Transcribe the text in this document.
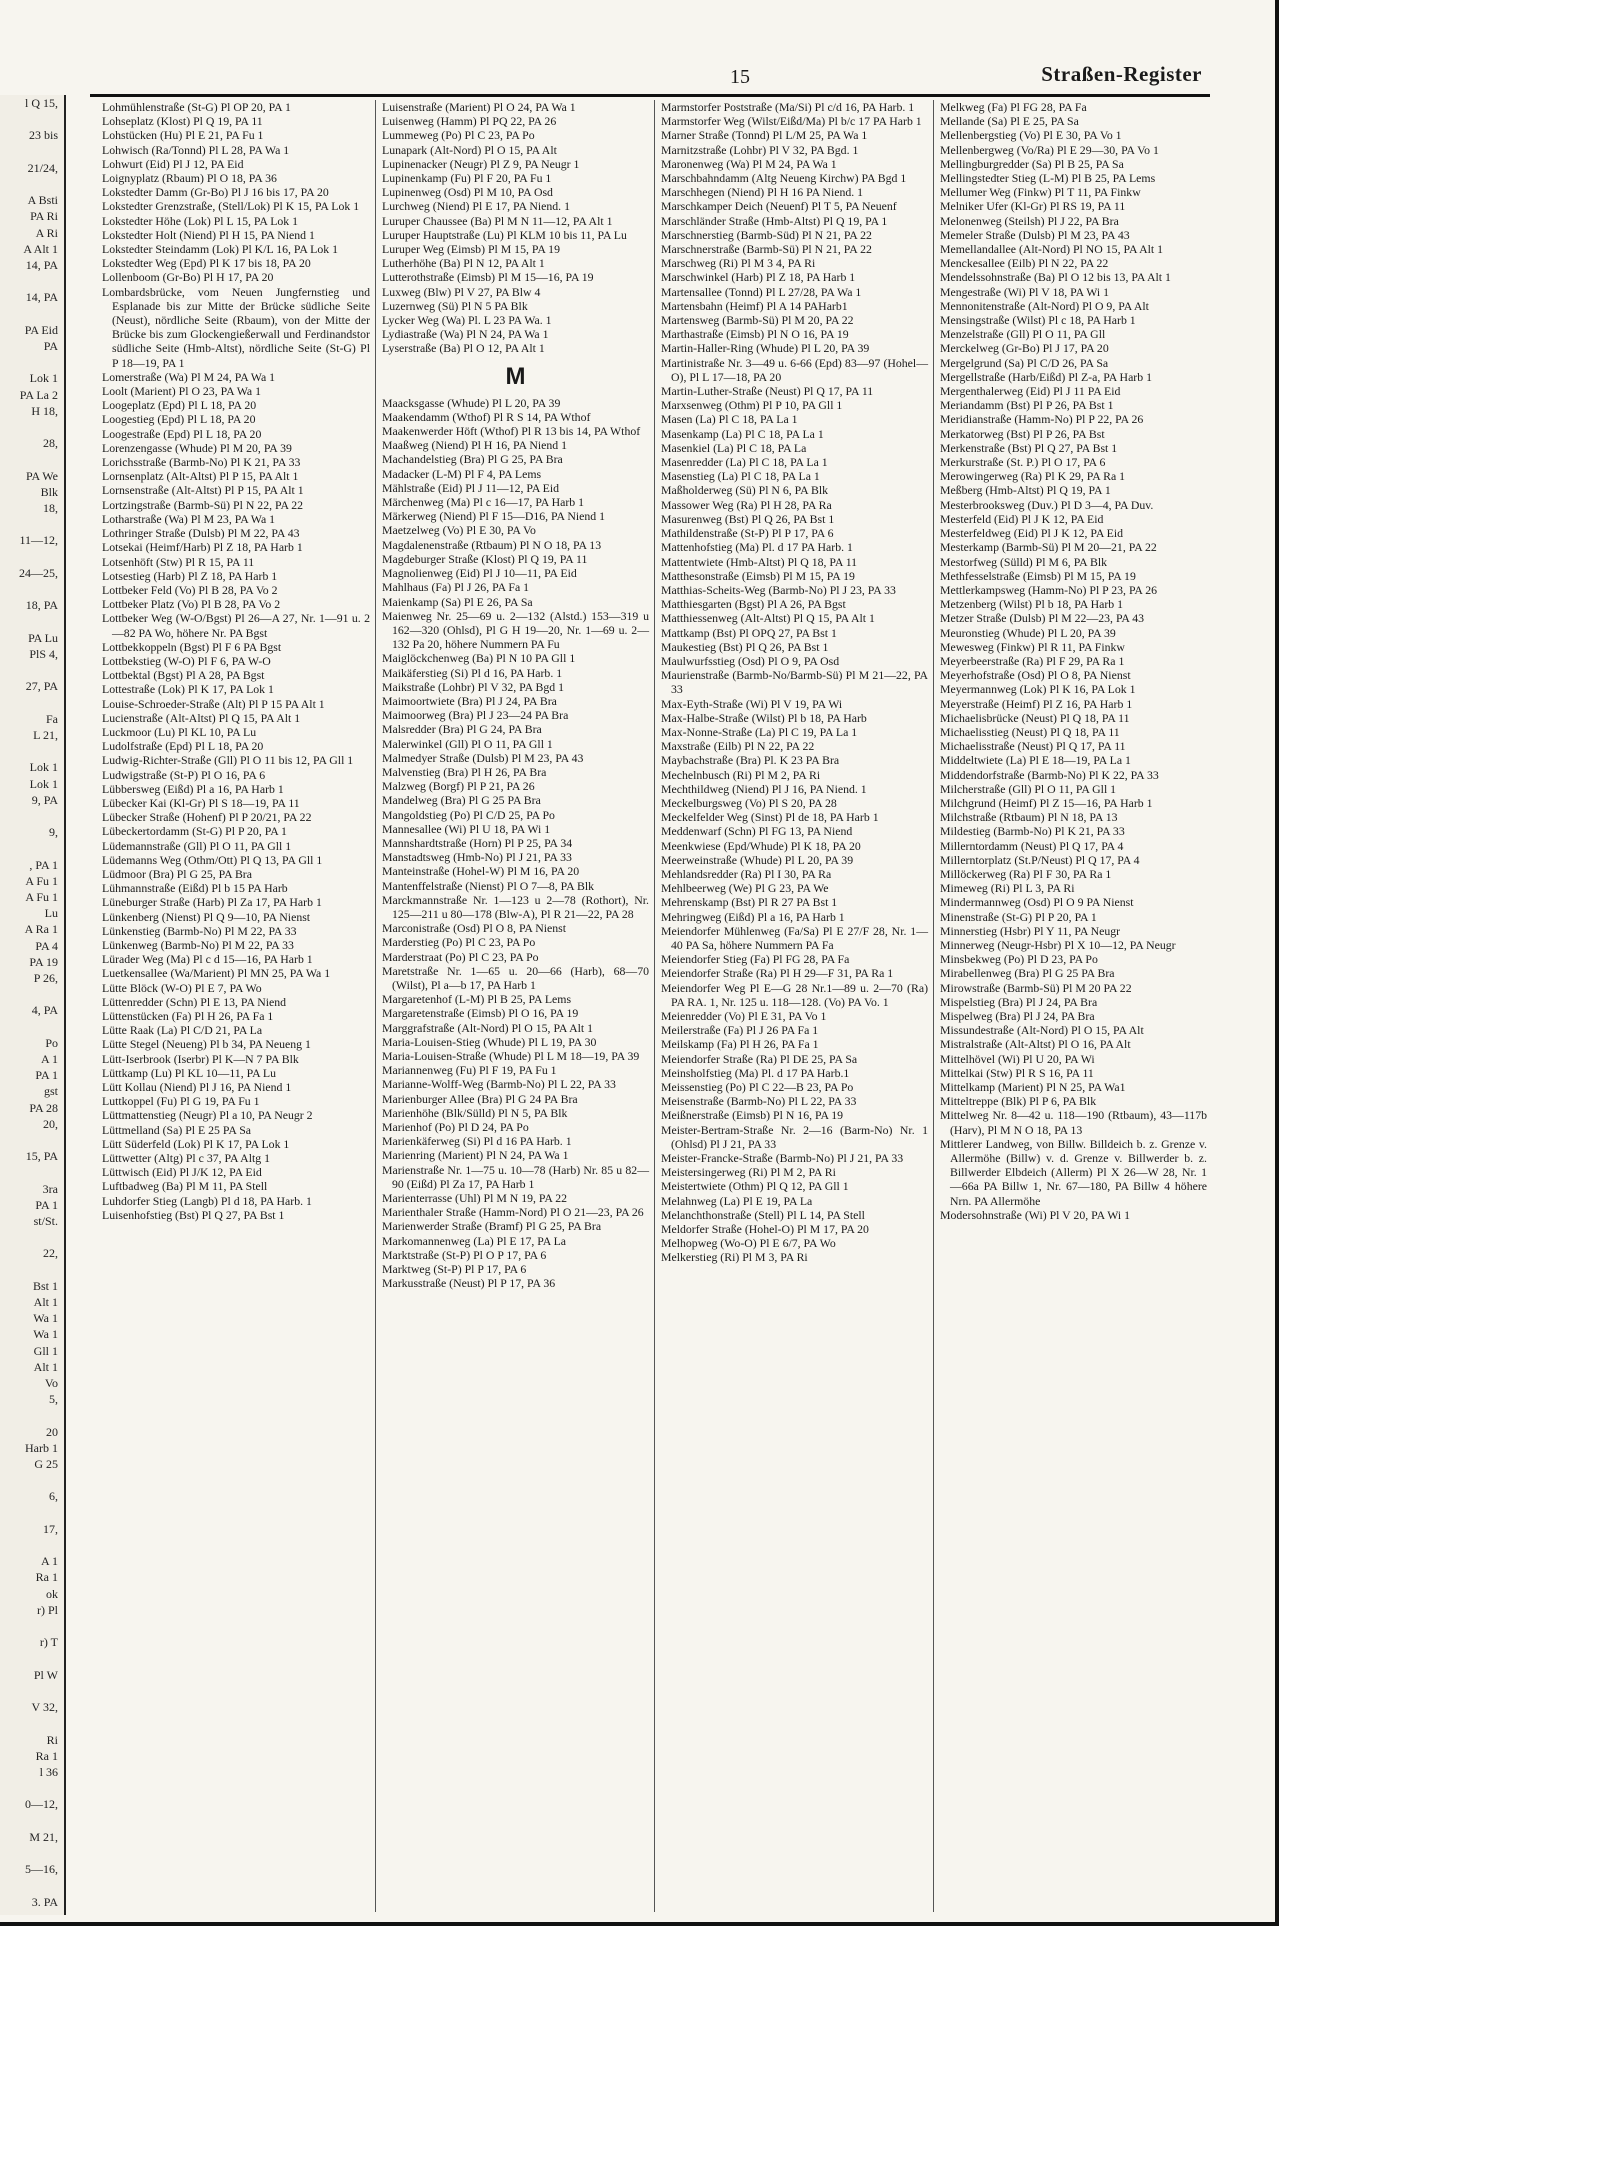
l Q 15,

23 bis

21/24,

A Bsti
PA Ri
A Ri
A Alt 1
14, PA

14, PA

PA Eid
PA

Lok 1
PA La 2
H 18,

28,

PA We
Blk
18,

11—12,

24—25,

18, PA

PA Lu
PlS 4,

27, PA

Fa
L 21,

Lok 1
Lok 1
9, PA

9,

, PA 1
A Fu 1
A Fu 1
Lu
A Ra 1
PA 4
PA 19
P 26,

4, PA

Po
A 1
PA 1
gst
PA 28
20,

15, PA

3ra
PA 1
st/St.

22,

Bst 1
Alt 1
Wa 1
Wa 1
Gll 1
Alt 1
Vo
5,

20
Harb 1
G 25

6,

17,

A 1
Ra 1
ok
r) Pl

r) T

Pl W

V 32,

Ri
Ra 1
l 36

0—12,

M 21,

5—16,

3. PA
15	Straßen-Register

Lohmühlenstraße (St-G) Pl OP 20, PA 1

Lohseplatz (Klost) Pl Q 19, PA 11

Lohstücken (Hu) Pl E 21, PA Fu 1

Lohwisch (Ra/Tonnd) Pl L 28, PA Wa 1

Lohwurt (Eid) Pl J 12, PA Eid

Loignyplatz (Rbaum) Pl O 18, PA 36

Lokstedter Damm (Gr-Bo) Pl J 16 bis 17, PA 20

Lokstedter Grenzstraße, (Stell/Lok) Pl K 15, PA Lok 1

Lokstedter Höhe (Lok) Pl L 15, PA Lok 1

Lokstedter Holt (Niend) Pl H 15, PA Niend 1

Lokstedter Steindamm (Lok) Pl K/L 16, PA Lok 1

Lokstedter Weg (Epd) Pl K 17 bis 18, PA 20

Lollenboom (Gr-Bo) Pl H 17, PA 20

Lombardsbrücke, vom Neuen Jungfernstieg und Esplanade bis zur Mitte der Brücke südliche Seite (Neust), nördliche Seite (Rbaum), von der Mitte der Brücke bis zum Glockengießerwall und Ferdinandstor südliche Seite (Hmb-Altst), nördliche Seite (St-G) Pl P 18—19, PA 1

Lomerstraße (Wa) Pl M 24, PA Wa 1

Loolt (Marient) Pl O 23, PA Wa 1

Loogeplatz (Epd) Pl L 18, PA 20

Loogestieg (Epd) Pl L 18, PA 20

Loogestraße (Epd) Pl L 18, PA 20

Lorenzengasse (Whude) Pl M 20, PA 39

Lorichsstraße (Barmb-No) Pl K 21, PA 33

Lornsenplatz (Alt-Altst) Pl P 15, PA Alt 1

Lornsenstraße (Alt-Altst) Pl P 15, PA Alt 1

Lortzingstraße (Barmb-Sü) Pl N 22, PA 22

Lotharstraße (Wa) Pl M 23, PA Wa 1

Lothringer Straße (Dulsb) Pl M 22, PA 43

Lotsekai (Heimf/Harb) Pl Z 18, PA Harb 1

Lotsenhöft (Stw) Pl R 15, PA 11

Lotsestieg (Harb) Pl Z 18, PA Harb 1

Lottbeker Feld (Vo) Pl B 28, PA Vo 2

Lottbeker Platz (Vo) Pl B 28, PA Vo 2

Lottbeker Weg (W-O/Bgst) Pl 26—A 27, Nr. 1—91 u. 2—82 PA Wo, höhere Nr. PA Bgst

Lottbekkoppeln (Bgst) Pl F 6 PA Bgst

Lottbekstieg (W-O) Pl F 6, PA W-O

Lottbektal (Bgst) Pl A 28, PA Bgst

Lottestraße (Lok) Pl K 17, PA Lok 1

Louise-Schroeder-Straße (Alt) Pl P 15 PA Alt 1

Lucienstraße (Alt-Altst) Pl Q 15, PA Alt 1

Luckmoor (Lu) Pl KL 10, PA Lu

Ludolfstraße (Epd) Pl L 18, PA 20

Ludwig-Richter-Straße (Gll) Pl O 11 bis 12, PA Gll 1

Ludwigstraße (St-P) Pl O 16, PA 6

Lübbersweg (Eißd) Pl a 16, PA Harb 1

Lübecker Kai (Kl-Gr) Pl S 18—19, PA 11

Lübecker Straße (Hohenf) Pl P 20/21, PA 22

Lübeckertordamm (St-G) Pl P 20, PA 1

Lüdemannstraße (Gll) Pl O 11, PA Gll 1

Lüdemanns Weg (Othm/Ott) Pl Q 13, PA Gll 1

Lüdmoor (Bra) Pl G 25, PA Bra

Lühmannstraße (Eißd) Pl b 15 PA Harb

Lüneburger Straße (Harb) Pl Za 17, PA Harb 1

Lünkenberg (Nienst) Pl Q 9—10, PA Nienst

Lünkenstieg (Barmb-No) Pl M 22, PA 33

Lünkenweg (Barmb-No) Pl M 22, PA 33

Lürader Weg (Ma) Pl c d 15—16, PA Harb 1

Luetkensallee (Wa/Marient) Pl MN 25, PA Wa 1

Lütte Blöck (W-O) Pl E 7, PA Wo

Lüttenredder (Schn) Pl E 13, PA Niend

Lüttenstücken (Fa) Pl H 26, PA Fa 1

Lütte Raak (La) Pl C/D 21, PA La

Lütte Stegel (Neueng) Pl b 34, PA Neueng 1

Lütt-Iserbrook (Iserbr) Pl K—N 7 PA Blk

Lüttkamp (Lu) Pl KL 10—11, PA Lu

Lütt Kollau (Niend) Pl J 16, PA Niend 1

Luttkoppel (Fu) Pl G 19, PA Fu 1

Lüttmattenstieg (Neugr) Pl a 10, PA Neugr 2

Lüttmelland (Sa) Pl E 25 PA Sa

Lütt Süderfeld (Lok) Pl K 17, PA Lok 1

Lüttwetter (Altg) Pl c 37, PA Altg 1

Lüttwisch (Eid) Pl J/K 12, PA Eid

Luftbadweg (Ba) Pl M 11, PA Stell

Luhdorfer Stieg (Langb) Pl d 18, PA Harb. 1

Luisenhofstieg (Bst) Pl Q 27, PA Bst 1

Luisenstraße (Marient) Pl O 24, PA Wa 1

Luisenweg (Hamm) Pl PQ 22, PA 26

Lummeweg (Po) Pl C 23, PA Po

Lunapark (Alt-Nord) Pl O 15, PA Alt

Lupinenacker (Neugr) Pl Z 9, PA Neugr 1

Lupinenkamp (Fu) Pl F 20, PA Fu 1

Lupinenweg (Osd) Pl M 10, PA Osd

Lurchweg (Niend) Pl E 17, PA Niend. 1

Luruper Chaussee (Ba) Pl M N 11—12, PA Alt 1

Luruper Hauptstraße (Lu) Pl KLM 10 bis 11, PA Lu

Luruper Weg (Eimsb) Pl M 15, PA 19

Lutherhöhe (Ba) Pl N 12, PA Alt 1

Lutterothstraße (Eimsb) Pl M 15—16, PA 19

Luxweg (Blw) Pl V 27, PA Blw 4

Luzernweg (Sü) Pl N 5 PA Blk

Lycker Weg (Wa) Pl. L 23 PA Wa. 1

Lydiastraße (Wa) Pl N 24, PA Wa 1

Lyserstraße (Ba) Pl O 12, PA Alt 1

M

Maacksgasse (Whude) Pl L 20, PA 39

Maakendamm (Wthof) Pl R S 14, PA Wthof

Maakenwerder Höft (Wthof) Pl R 13 bis 14, PA Wthof

Maaßweg (Niend) Pl H 16, PA Niend 1

Machandelstieg (Bra) Pl G 25, PA Bra

Madacker (L-M) Pl F 4, PA Lems

Mählstraße (Eid) Pl J 11—12, PA Eid

Märchenweg (Ma) Pl c 16—17, PA Harb 1

Märkerweg (Niend) Pl F 15—D16, PA Niend 1

Maetzelweg (Vo) Pl E 30, PA Vo

Magdalenenstraße (Rtbaum) Pl N O 18, PA 13

Magdeburger Straße (Klost) Pl Q 19, PA 11

Magnolienweg (Eid) Pl J 10—11, PA Eid

Mahlhaus (Fa) Pl J 26, PA Fa 1

Maienkamp (Sa) Pl E 26, PA Sa

Maienweg Nr. 25—69 u. 2—132 (Alstd.) 153—319 u 162—320 (Ohlsd), Pl G H 19—20, Nr. 1—69 u. 2—132 Pa 20, höhere Nummern PA Fu

Maiglöckchenweg (Ba) Pl N 10 PA Gll 1

Maikäferstieg (Si) Pl d 16, PA Harb. 1

Maikstraße (Lohbr) Pl V 32, PA Bgd 1

Maimoortwiete (Bra) Pl J 24, PA Bra

Maimoorweg (Bra) Pl J 23—24 PA Bra

Malsredder (Bra) Pl G 24, PA Bra

Malerwinkel (Gll) Pl O 11, PA Gll 1

Malmedyer Straße (Dulsb) Pl M 23, PA 43

Malvenstieg (Bra) Pl H 26, PA Bra

Malzweg (Borgf) Pl P 21, PA 26

Mandelweg (Bra) Pl G 25 PA Bra

Mangoldstieg (Po) Pl C/D 25, PA Po

Mannesallee (Wi) Pl U 18, PA Wi 1

Mannshardtstraße (Horn) Pl P 25, PA 34

Manstadtsweg (Hmb-No) Pl J 21, PA 33

Manteinstraße (Hohel-W) Pl M 16, PA 20

Mantenffelstraße (Nienst) Pl O 7—8, PA Blk

Marckmannstraße Nr. 1—123 u 2—78 (Rothort), Nr. 125—211 u 80—178 (Blw-A), Pl R 21—22, PA 28

Marconistraße (Osd) Pl O 8, PA Nienst

Marderstieg (Po) Pl C 23, PA Po

Marderstraat (Po) Pl C 23, PA Po

Maretstraße Nr. 1—65 u. 20—66 (Harb), 68—70 (Wilst), Pl a—b 17, PA Harb 1

Margaretenhof (L-M) Pl B 25, PA Lems

Margaretenstraße (Eimsb) Pl O 16, PA 19

Marggrafstraße (Alt-Nord) Pl O 15, PA Alt 1

Maria-Louisen-Stieg (Whude) Pl L 19, PA 30

Maria-Louisen-Straße (Whude) Pl L M 18—19, PA 39

Mariannenweg (Fu) Pl F 19, PA Fu 1

Marianne-Wolff-Weg (Barmb-No) Pl L 22, PA 33

Marienburger Allee (Bra) Pl G 24 PA Bra

Marienhöhe (Blk/Sülld) Pl N 5, PA Blk

Marienhof (Po) Pl D 24, PA Po

Marienkäferweg (Si) Pl d 16 PA Harb. 1

Marienring (Marient) Pl N 24, PA Wa 1

Marienstraße Nr. 1—75 u. 10—78 (Harb) Nr. 85 u 82—90 (Eißd) Pl Za 17, PA Harb 1

Marienterrasse (Uhl) Pl M N 19, PA 22

Marienthaler Straße (Hamm-Nord) Pl O 21—23, PA 26

Marienwerder Straße (Bramf) Pl G 25, PA Bra

Markomannenweg (La) Pl E 17, PA La

Marktstraße (St-P) Pl O P 17, PA 6

Marktweg (St-P) Pl P 17, PA 6

Markusstraße (Neust) Pl P 17, PA 36

Marmstorfer Poststraße (Ma/Si) Pl c/d 16, PA Harb. 1

Marmstorfer Weg (Wilst/Eißd/Ma) Pl b/c 17 PA Harb 1

Marner Straße (Tonnd) Pl L/M 25, PA Wa 1

Marnitzstraße (Lohbr) Pl V 32, PA Bgd. 1

Maronenweg (Wa) Pl M 24, PA Wa 1

Marschbahndamm (Altg Neueng Kirchw) PA Bgd 1

Marschhegen (Niend) Pl H 16 PA Niend. 1

Marschkamper Deich (Neuenf) Pl T 5, PA Neuenf

Marschländer Straße (Hmb-Altst) Pl Q 19, PA 1

Marschnerstieg (Barmb-Süd) Pl N 21, PA 22

Marschnerstraße (Barmb-Sü) Pl N 21, PA 22

Marschweg (Ri) Pl M 3 4, PA Ri

Marschwinkel (Harb) Pl Z 18, PA Harb 1

Martensallee (Tonnd) Pl L 27/28, PA Wa 1

Martensbahn (Heimf) Pl A 14 PAHarb1

Martensweg (Barmb-Sü) Pl M 20, PA 22

Marthastraße (Eimsb) Pl N O 16, PA 19

Martin-Haller-Ring (Whude) Pl L 20, PA 39

Martinistraße Nr. 3—49 u. 6-66 (Epd) 83—97 (Hohel—O), Pl L 17—18, PA 20

Martin-Luther-Straße (Neust) Pl Q 17, PA 11

Marxsenweg (Othm) Pl P 10, PA Gll 1

Masen (La) Pl C 18, PA La 1

Masenkamp (La) Pl C 18, PA La 1

Masenkiel (La) Pl C 18, PA La

Masenredder (La) Pl C 18, PA La 1

Masenstieg (La) Pl C 18, PA La 1

Maßholderweg (Sü) Pl N 6, PA Blk

Massower Weg (Ra) Pl H 28, PA Ra

Masurenweg (Bst) Pl Q 26, PA Bst 1

Mathildenstraße (St-P) Pl P 17, PA 6

Mattenhofstieg (Ma) Pl. d 17 PA Harb. 1

Mattentwiete (Hmb-Altst) Pl Q 18, PA 11

Matthesonstraße (Eimsb) Pl M 15, PA 19

Matthias-Scheits-Weg (Barmb-No) Pl J 23, PA 33

Matthiesgarten (Bgst) Pl A 26, PA Bgst

Matthiessenweg (Alt-Altst) Pl Q 15, PA Alt 1

Mattkamp (Bst) Pl OPQ 27, PA Bst 1

Maukestieg (Bst) Pl Q 26, PA Bst 1

Maulwurfsstieg (Osd) Pl O 9, PA Osd

Maurienstraße (Barmb-No/Barmb-Sü) Pl M 21—22, PA 33

Max-Eyth-Straße (Wi) Pl V 19, PA Wi

Max-Halbe-Straße (Wilst) Pl b 18, PA Harb

Max-Nonne-Straße (La) Pl C 19, PA La 1

Maxstraße (Eilb) Pl N 22, PA 22

Maybachstraße (Bra) Pl. K 23 PA Bra

Mechelnbusch (Ri) Pl M 2, PA Ri

Mechthildweg (Niend) Pl J 16, PA Niend. 1

Meckelburgsweg (Vo) Pl S 20, PA 28

Meckelfelder Weg (Sinst) Pl de 18, PA Harb 1

Meddenwarf (Schn) Pl FG 13, PA Niend

Meenkwiese (Epd/Whude) Pl K 18, PA 20

Meerweinstraße (Whude) Pl L 20, PA 39

Mehlandsredder (Ra) Pl I 30, PA Ra

Mehlbeerweg (We) Pl G 23, PA We

Mehrenskamp (Bst) Pl R 27 PA Bst 1

Mehringweg (Eißd) Pl a 16, PA Harb 1

Meiendorfer Mühlenweg (Fa/Sa) Pl E 27/F 28, Nr. 1—40 PA Sa, höhere Nummern PA Fa

Meiendorfer Stieg (Fa) Pl FG 28, PA Fa

Meiendorfer Straße (Ra) Pl H 29—F 31, PA Ra 1

Meiendorfer Weg Pl E—G 28 Nr.1—89 u. 2—70 (Ra) PA RA. 1, Nr. 125 u. 118—128. (Vo) PA Vo. 1

Meienredder (Vo) Pl E 31, PA Vo 1

Meilerstraße (Fa) Pl J 26 PA Fa 1

Meilskamp (Fa) Pl H 26, PA Fa 1

Meiendorfer Straße (Ra) Pl DE 25, PA Sa

Meinsholfstieg (Ma) Pl. d 17 PA Harb.1

Meissenstieg (Po) Pl C 22—B 23, PA Po

Meisenstraße (Barmb-No) Pl L 22, PA 33

Meißnerstraße (Eimsb) Pl N 16, PA 19

Meister-Bertram-Straße Nr. 2—16 (Barm-No) Nr. 1 (Ohlsd) Pl J 21, PA 33

Meister-Francke-Straße (Barmb-No) Pl J 21, PA 33

Meistersingerweg (Ri) Pl M 2, PA Ri

Meistertwiete (Othm) Pl Q 12, PA Gll 1

Melahnweg (La) Pl E 19, PA La

Melanchthonstraße (Stell) Pl L 14, PA Stell

Meldorfer Straße (Hohel-O) Pl M 17, PA 20

Melhopweg (Wo-O) Pl E 6/7, PA Wo

Melkerstieg (Ri) Pl M 3, PA Ri

Melkweg (Fa) Pl FG 28, PA Fa

Mellande (Sa) Pl E 25, PA Sa

Mellenbergstieg (Vo) Pl E 30, PA Vo 1

Mellenbergweg (Vo/Ra) Pl E 29—30, PA Vo 1

Mellingburgredder (Sa) Pl B 25, PA Sa

Mellingstedter Stieg (L-M) Pl B 25, PA Lems

Mellumer Weg (Finkw) Pl T 11, PA Finkw

Melniker Ufer (Kl-Gr) Pl RS 19, PA 11

Melonenweg (Steilsh) Pl J 22, PA Bra

Memeler Straße (Dulsb) Pl M 23, PA 43

Memellandallee (Alt-Nord) Pl NO 15, PA Alt 1

Menckesallee (Eilb) Pl N 22, PA 22

Mendelssohnstraße (Ba) Pl O 12 bis 13, PA Alt 1

Mengestraße (Wi) Pl V 18, PA Wi 1

Mennonitenstraße (Alt-Nord) Pl O 9, PA Alt

Mensingstraße (Wilst) Pl c 18, PA Harb 1

Menzelstraße (Gll) Pl O 11, PA Gll

Merckelweg (Gr-Bo) Pl J 17, PA 20

Mergelgrund (Sa) Pl C/D 26, PA Sa

Mergellstraße (Harb/Eißd) Pl Z-a, PA Harb 1

Mergenthalerweg (Eid) Pl J 11 PA Eid

Meriandamm (Bst) Pl P 26, PA Bst 1

Meridianstraße (Hamm-No) Pl P 22, PA 26

Merkatorweg (Bst) Pl P 26, PA Bst

Merkenstraße (Bst) Pl Q 27, PA Bst 1

Merkurstraße (St. P.) Pl O 17, PA 6

Merowingerweg (Ra) Pl K 29, PA Ra 1

Meßberg (Hmb-Altst) Pl Q 19, PA 1

Mesterbrooksweg (Duv.) Pl D 3—4, PA Duv.

Mesterfeld (Eid) Pl J K 12, PA Eid

Mesterfeldweg (Eid) Pl J K 12, PA Eid

Mesterkamp (Barmb-Sü) Pl M 20—21, PA 22

Mestorfweg (Sülld) Pl M 6, PA Blk

Methfesselstraße (Eimsb) Pl M 15, PA 19

Mettlerkampsweg (Hamm-No) Pl P 23, PA 26

Metzenberg (Wilst) Pl b 18, PA Harb 1

Metzer Straße (Dulsb) Pl M 22—23, PA 43

Meuronstieg (Whude) Pl L 20, PA 39

Mewesweg (Finkw) Pl R 11, PA Finkw

Meyerbeerstraße (Ra) Pl F 29, PA Ra 1

Meyerhofstraße (Osd) Pl O 8, PA Nienst

Meyermannweg (Lok) Pl K 16, PA Lok 1

Meyerstraße (Heimf) Pl Z 16, PA Harb 1

Michaelisbrücke (Neust) Pl Q 18, PA 11

Michaelisstieg (Neust) Pl Q 18, PA 11

Michaelisstraße (Neust) Pl Q 17, PA 11

Middeltwiete (La) Pl E 18—19, PA La 1

Middendorfstraße (Barmb-No) Pl K 22, PA 33

Milcherstraße (Gll) Pl O 11, PA Gll 1

Milchgrund (Heimf) Pl Z 15—16, PA Harb 1

Milchstraße (Rtbaum) Pl N 18, PA 13

Mildestieg (Barmb-No) Pl K 21, PA 33

Millerntordamm (Neust) Pl Q 17, PA 4

Millerntorplatz (St.P/Neust) Pl Q 17, PA 4

Millöckerweg (Ra) Pl F 30, PA Ra 1

Mimeweg (Ri) Pl L 3, PA Ri

Mindermannweg (Osd) Pl O 9 PA Nienst

Minenstraße (St-G) Pl P 20, PA 1

Minnerstieg (Hsbr) Pl Y 11, PA Neugr

Minnerweg (Neugr-Hsbr) Pl X 10—12, PA Neugr

Minsbekweg (Po) Pl D 23, PA Po

Mirabellenweg (Bra) Pl G 25 PA Bra

Mirowstraße (Barmb-Sü) Pl M 20 PA 22

Mispelstieg (Bra) Pl J 24, PA Bra

Mispelweg (Bra) Pl J 24, PA Bra

Missundestraße (Alt-Nord) Pl O 15, PA Alt

Mistralstraße (Alt-Altst) Pl O 16, PA Alt

Mittelhövel (Wi) Pl U 20, PA Wi

Mittelkai (Stw) Pl R S 16, PA 11

Mittelkamp (Marient) Pl N 25, PA Wa1

Mitteltreppe (Blk) Pl P 6, PA Blk

Mittelweg Nr. 8—42 u. 118—190 (Rtbaum), 43—117b (Harv), Pl M N O 18, PA 13

Mittlerer Landweg, von Billw. Billdeich b. z. Grenze v. Allermöhe (Billw) v. d. Grenze v. Billwerder b. z. Billwerder Elbdeich (Allerm) Pl X 26—W 28, Nr. 1—66a PA Billw 1, Nr. 67—180, PA Billw 4 höhere Nrn. PA Allermöhe

Modersohnstraße (Wi) Pl V 20, PA Wi 1
